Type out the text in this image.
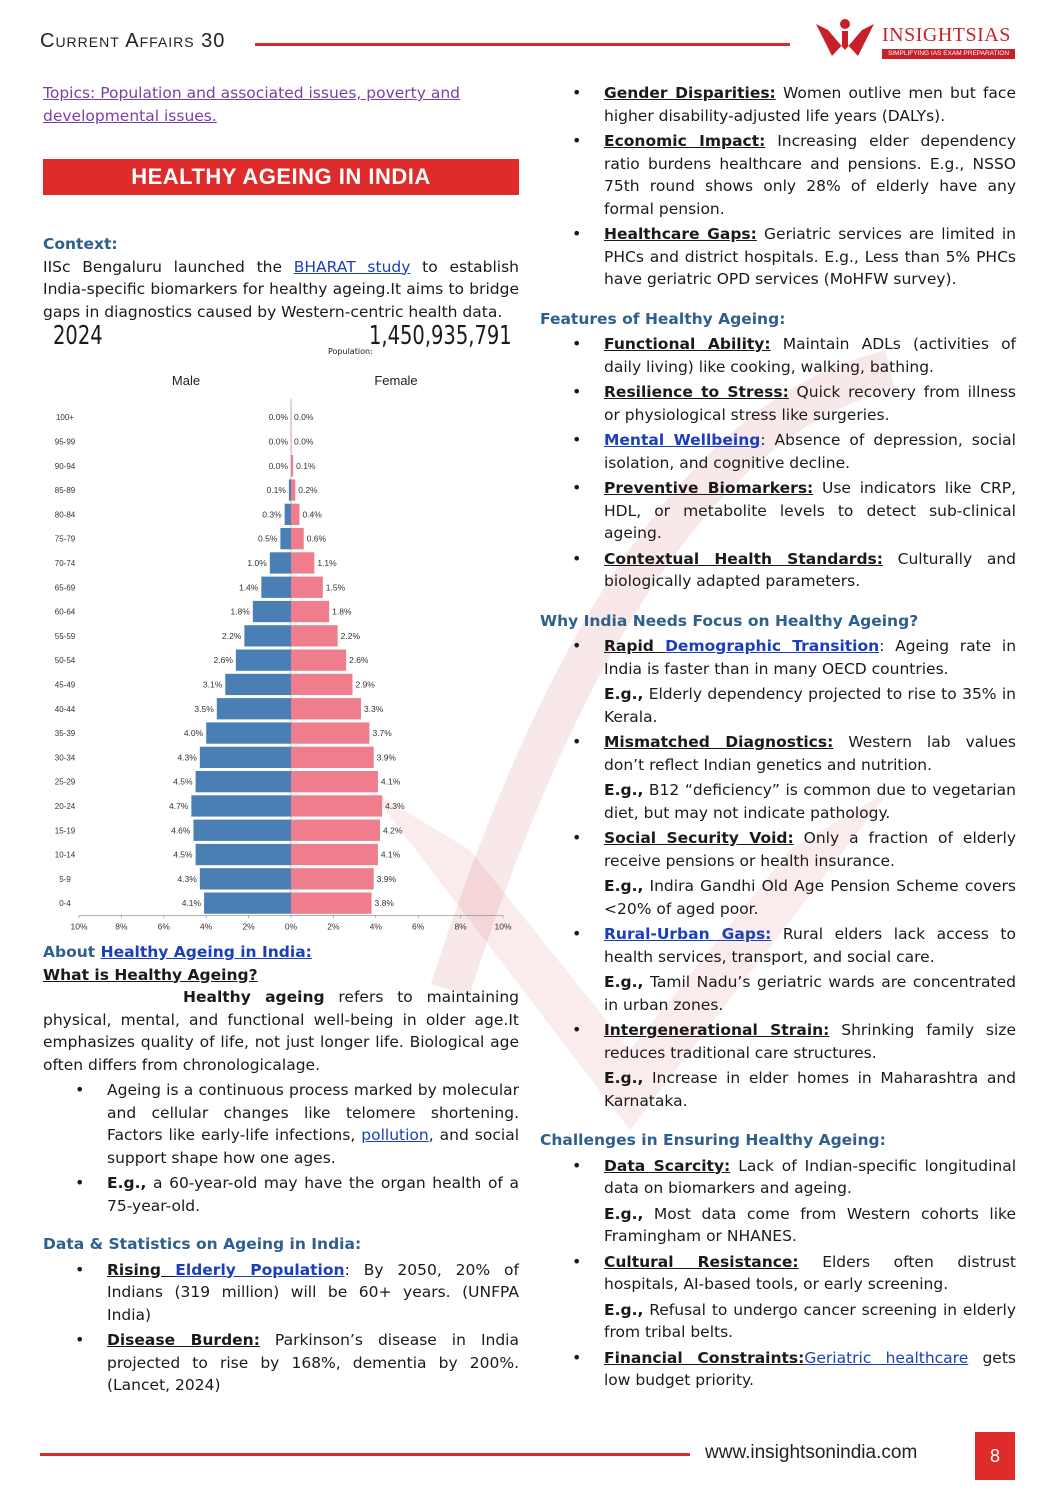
Current Affairs 30	INSIGHTSIAS
SIMPLIFYING IAS EXAM PREPARATION
Topics: Population and associated issues, poverty and developmental issues.
HEALTHY AGEING IN INDIA
Context:
IISc Bengaluru launched the BHARAT study to establish India-specific biomarkers for healthy ageing.It aims to bridge gaps in diagnostics caused by Western-centric health data.
2024
Population:
1,450,935,791
Male	Female
100+	0.0% 0.0%
95-99	0.0% 0.0%
90-94	0.0% 0.1%
85-89	0.1% 0.2%
80-84	0.3% 0.4%
75-79	0.5%	0.6%
70-74	1.0%	1.1%
65-69	1.4%	1.5%
60-64	1.8%	1.8%
55-59	2.2%	2.2%
50-54	2.6%	2.6%
45-49	3.1%	2.9%
40-44	3.5%	3.3%
35-39	4.0%	3.7%
30-34	4.3%	3.9%
25-29	4.5%	4.1%
20-24	4.7%	4.3%
15-19	4.6%	4.2%
10-14	4.5%	4.1%
5-9	4.3%	3.9%
0-4	4.1%	3.8%
10%	8%	6%	4%	2%	0%	2%	4%	6%	8%	10%
About Healthy Ageing in India:
What is Healthy Ageing?
Healthy ageing refers to maintaining physical, mental, and functional well-being in older age.It emphasizes quality of life, not just longer life. Biological age often differs from chronologicalage.
• Ageing is a continuous process marked by molecular and cellular changes like telomere shortening. Factors like early-life infections, pollution, and social support shape how one ages.
• E.g., a 60-year-old may have the organ health of a 75-year-old.
Data & Statistics on Ageing in India:
• Rising Elderly Population: By 2050, 20% of Indians (319 million) will be 60+ years. (UNFPA India)
• Disease Burden: Parkinson’s disease in India projected to rise by 168%, dementia by 200%. (Lancet, 2024)
• Gender Disparities: Women outlive men but face higher disability-adjusted life years (DALYs).
• Economic Impact: Increasing elder dependency ratio burdens healthcare and pensions. E.g., NSSO 75th round shows only 28% of elderly have any formal pension.
• Healthcare Gaps: Geriatric services are limited in PHCs and district hospitals. E.g., Less than 5% PHCs have geriatric OPD services (MoHFW survey).
Features of Healthy Ageing:
• Functional Ability: Maintain ADLs (activities of daily living) like cooking, walking, bathing.
• Resilience to Stress: Quick recovery from illness or physiological stress like surgeries.
• Mental Wellbeing: Absence of depression, social isolation, and cognitive decline.
• Preventive Biomarkers: Use indicators like CRP, HDL, or metabolite levels to detect sub-clinical ageing.
• Contextual Health Standards: Culturally and biologically adapted parameters.
Why India Needs Focus on Healthy Ageing?
• Rapid Demographic Transition: Ageing rate in India is faster than in many OECD countries.
E.g., Elderly dependency projected to rise to 35% in Kerala.
• Mismatched Diagnostics: Western lab values don’t reflect Indian genetics and nutrition.
E.g., B12 “deficiency” is common due to vegetarian diet, but may not indicate pathology.
• Social Security Void: Only a fraction of elderly receive pensions or health insurance.
E.g., Indira Gandhi Old Age Pension Scheme covers <20% of aged poor.
• Rural-Urban Gaps: Rural elders lack access to health services, transport, and social care.
E.g., Tamil Nadu’s geriatric wards are concentrated in urban zones.
• Intergenerational Strain: Shrinking family size reduces traditional care structures.
E.g., Increase in elder homes in Maharashtra and Karnataka.
Challenges in Ensuring Healthy Ageing:
• Data Scarcity: Lack of Indian-specific longitudinal data on biomarkers and ageing.
E.g., Most data come from Western cohorts like Framingham or NHANES.
• Cultural Resistance: Elders often distrust hospitals, AI-based tools, or early screening.
E.g., Refusal to undergo cancer screening in elderly from tribal belts.
• Financial Constraints:Geriatric healthcare gets low budget priority.
www.insightsonindia.com	8
